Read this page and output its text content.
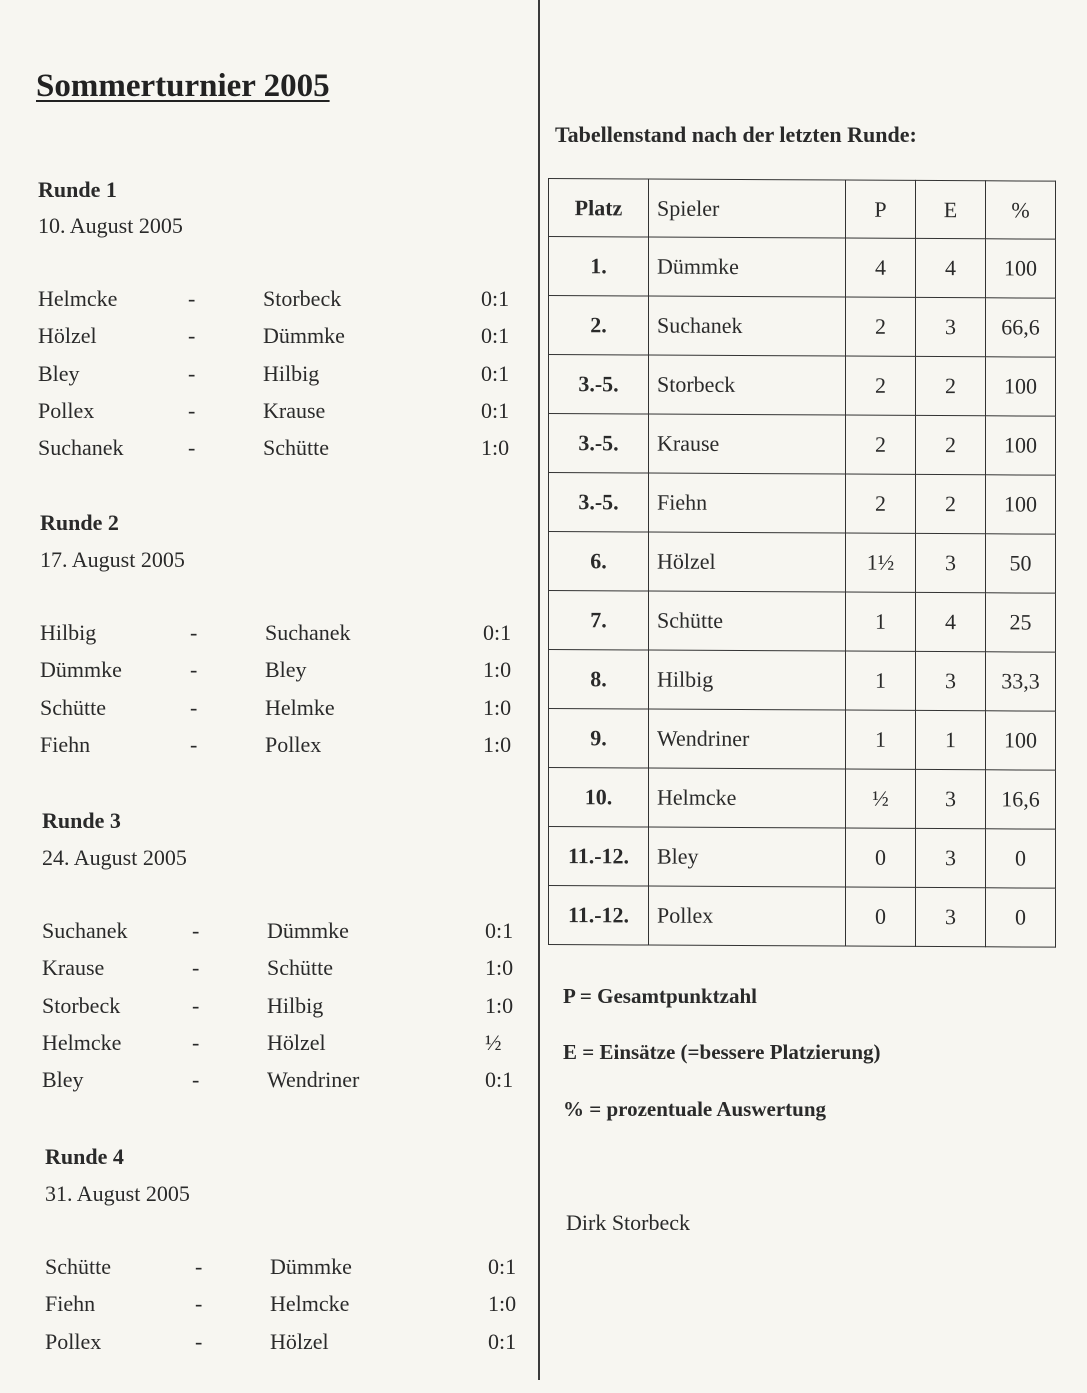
Sommerturnier 2005
Runde 1
10. August 2005
Helmcke	-	Storbeck	0:1
Hölzel	-	Dümmke	0:1
Bley	-	Hilbig	0:1
Pollex	-	Krause	0:1
Suchanek	-	Schütte	1:0
Runde 2
17. August 2005
Hilbig	-	Suchanek	0:1
Dümmke	-	Bley	1:0
Schütte	-	Helmke	1:0
Fiehn	-	Pollex	1:0
Runde 3
24. August 2005
Suchanek	-	Dümmke	0:1
Krause	-	Schütte	1:0
Storbeck	-	Hilbig	1:0
Helmcke	-	Hölzel	½
Bley	-	Wendriner	0:1
Runde 4
31. August 2005
Schütte	-	Dümmke	0:1
Fiehn	-	Helmcke	1:0
Pollex	-	Hölzel	0:1
Tabellenstand nach der letzten Runde:
Platz	Spieler	P	E	%
1.	Dümmke	4	4	100
2.	Suchanek	2	3	66,6
3.-5.	Storbeck	2	2	100
3.-5.	Krause	2	2	100
3.-5.	Fiehn	2	2	100
6.	Hölzel	1½	3	50
7.	Schütte	1	4	25
8.	Hilbig	1	3	33,3
9.	Wendriner	1	1	100
10.	Helmcke	½	3	16,6
11.-12.	Bley	0	3	0
11.-12.	Pollex	0	3	0
P = Gesamtpunktzahl
E = Einsätze (=bessere Platzierung)
% = prozentuale Auswertung
Dirk Storbeck
